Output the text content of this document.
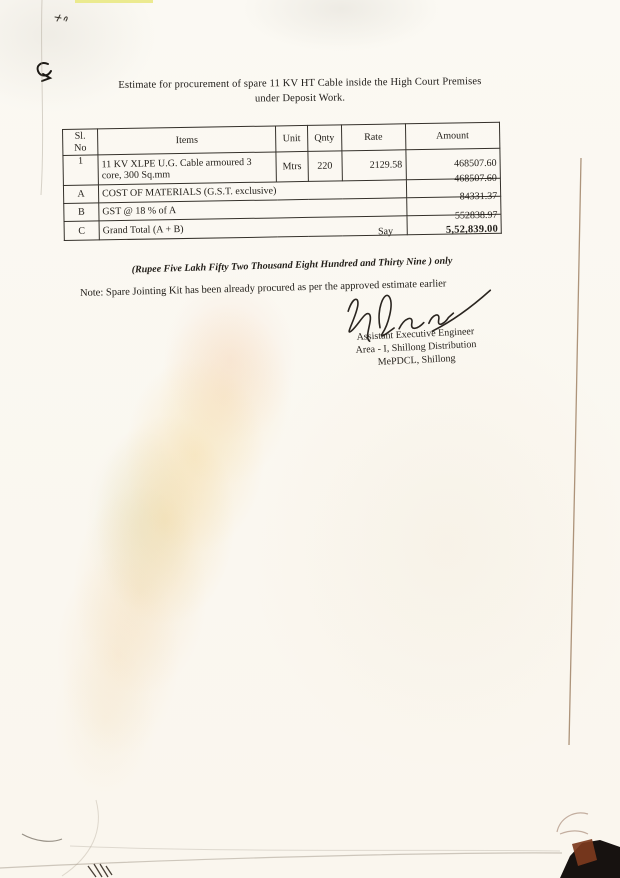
Estimate for procurement of spare 11 KV HT Cable inside the High Court Premises
under Deposit Work.
Sl.
No	Items	Unit	Qnty	Rate	Amount
1	11 KV XLPE U.G. Cable armoured 3 core, 300 Sq.mm	Mtrs	220	2129.58	468507.60
A	COST OF MATERIALS (G.S.T. exclusive)				468507.60

B	GST @ 18 % of A				84331.37

C	Grand Total (A + B)				552838.97
Say	5,52,839.00
(Rupee Five Lakh Fifty Two Thousand Eight Hundred and Thirty Nine ) only
Note: Spare Jointing Kit has been already procured as per the approved estimate earlier
Assistant Executive Engineer
Area - I, Shillong Distribution
MePDCL, Shillong
